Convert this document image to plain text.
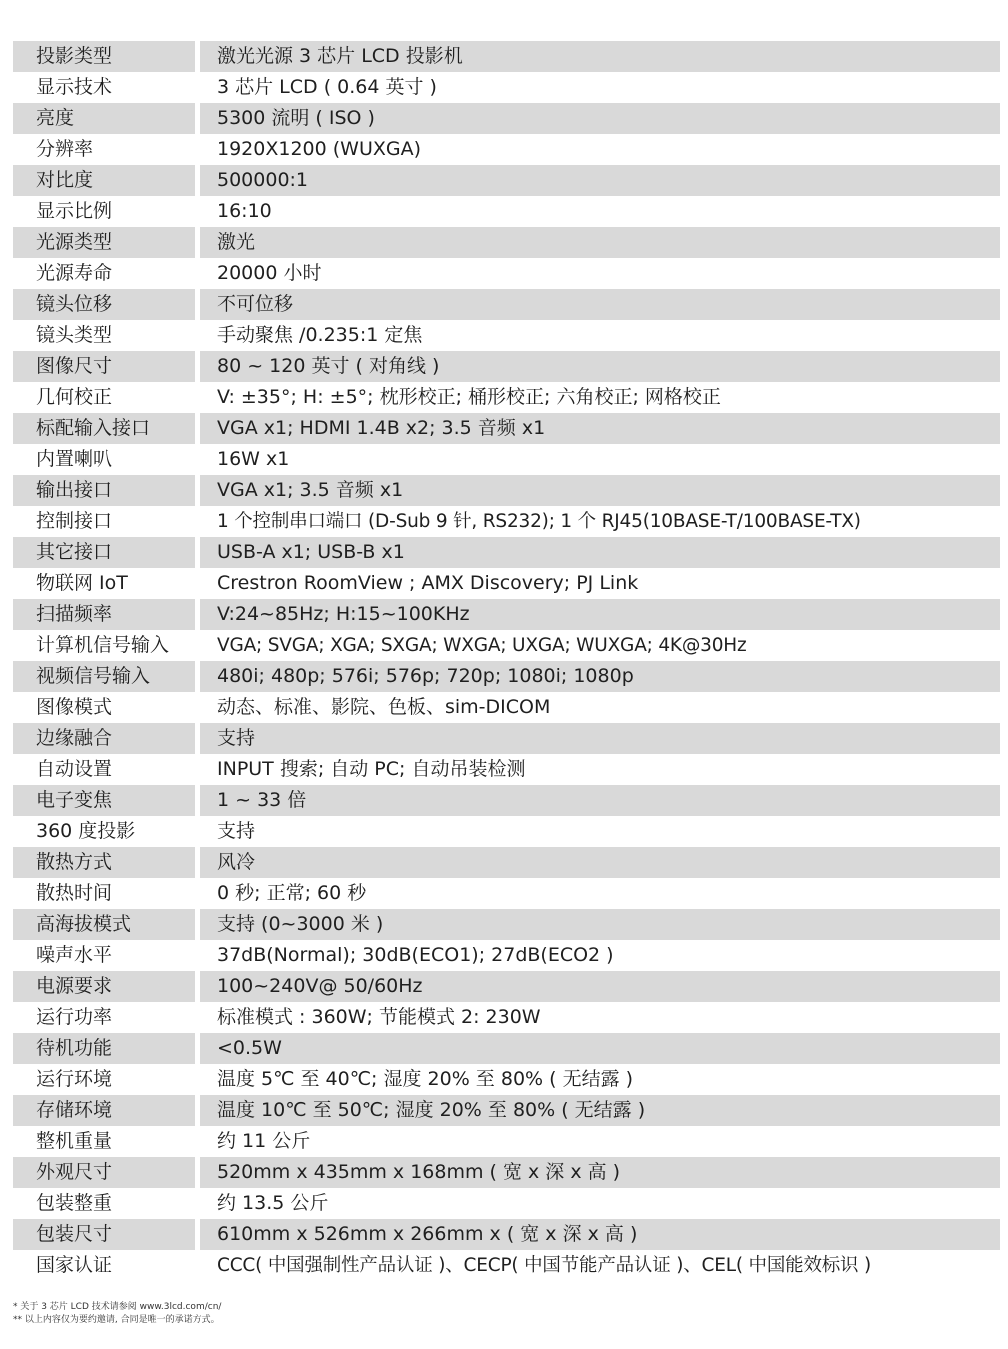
投影类型	激光光源 3 芯片 LCD 投影机
显示技术	3 芯片 LCD ( 0.64 英寸 )
亮度	5300 流明 ( ISO )
分辨率	1920X1200 (WUXGA)
对比度	500000:1
显示比例	16:10
光源类型	激光
光源寿命	20000 小时
镜头位移	不可位移
镜头类型	手动聚焦 /0.235:1 定焦
图像尺寸	80 ~ 120 英寸 ( 对角线 )
几何校正	V: ±35°; H: ±5°; 枕形校正; 桶形校正; 六角校正; 网格校正
标配输入接口	VGA x1; HDMI 1.4B x2; 3.5 音频 x1
内置喇叭	16W x1
输出接口	VGA x1; 3.5 音频 x1
控制接口	1 个控制串口端口 (D-Sub 9 针, RS232); 1 个 RJ45(10BASE-T/100BASE-TX)
其它接口	USB-A x1; USB-B x1
物联网 IoT	Crestron RoomView ; AMX Discovery; PJ Link
扫描频率	V:24~85Hz; H:15~100KHz
计算机信号输入	VGA; SVGA; XGA; SXGA; WXGA; UXGA; WUXGA; 4K@30Hz
视频信号输入	480i; 480p; 576i; 576p; 720p; 1080i; 1080p
图像模式	动态、标准、影院、色板、sim-DICOM
边缘融合	支持
自动设置	INPUT 搜索; 自动 PC; 自动吊装检测
电子变焦	1 ~ 33 倍
360 度投影	支持
散热方式	风冷
散热时间	0 秒; 正常; 60 秒
高海拔模式	支持 (0~3000 米 )
噪声水平	37dB(Normal); 30dB(ECO1); 27dB(ECO2 )
电源要求	100~240V@ 50/60Hz
运行功率	标准模式 : 360W; 节能模式 2: 230W
待机功能	<0.5W
运行环境	温度 5℃ 至 40℃; 湿度 20% 至 80% ( 无结露 )
存储环境	温度 10℃ 至 50℃; 湿度 20% 至 80% ( 无结露 )
整机重量	约 11 公斤
外观尺寸	520mm x 435mm x 168mm ( 宽 x 深 x 高 )
包装整重	约 13.5 公斤
包装尺寸	610mm x 526mm x 266mm x ( 宽 x 深 x 高 )
国家认证	CCC( 中国强制性产品认证 )、CECP( 中国节能产品认证 )、CEL( 中国能效标识 )
* 关于 3 芯片 LCD 技术请参阅 www.3lcd.com/cn/
** 以上内容仅为要约邀请, 合同是唯一的承诺方式。
